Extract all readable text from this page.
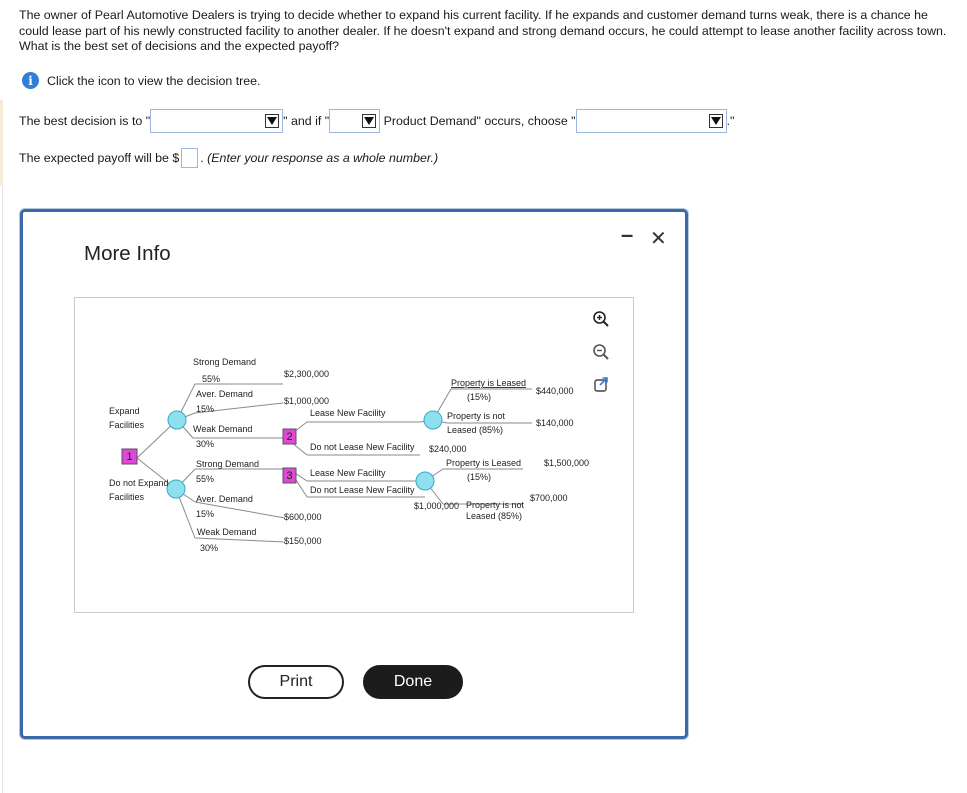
The owner of Pearl Automotive Dealers is trying to decide whether to expand his current facility. If he expands and customer demand turns weak, there is a chance he could lease part of his newly constructed facility to another dealer. If he doesn't expand and strong demand occurs, he could attempt to lease another facility across town. What is the best set of decisions and the expected payoff?
i	Click the icon to view the decision tree.
The best decision is to "	" and if "	Product Demand" occurs, choose "	."
The expected payoff will be $ . (Enter your response as a whole number.)
More Info
– ✕
1
2
3
Expand
Facilities
Do not Expand
Facilities
Strong Demand
55%
Aver. Demand
15%
Weak Demand
30%
$2,300,000
$1,000,000
Lease New Facility
Do not Lease New Facility
Property is Leased
(15%)
$440,000
Property is not
Leased (85%)
$140,000
$240,000
Strong Demand
55%
Lease New Facility
Do not Lease New Facility
Property is Leased
(15%)
$1,500,000
$700,000
$1,000,000 Property is not
Leased (85%)
Aver. Demand
15%	$600,000
Weak Demand
30%
$150,000
Print	Done
